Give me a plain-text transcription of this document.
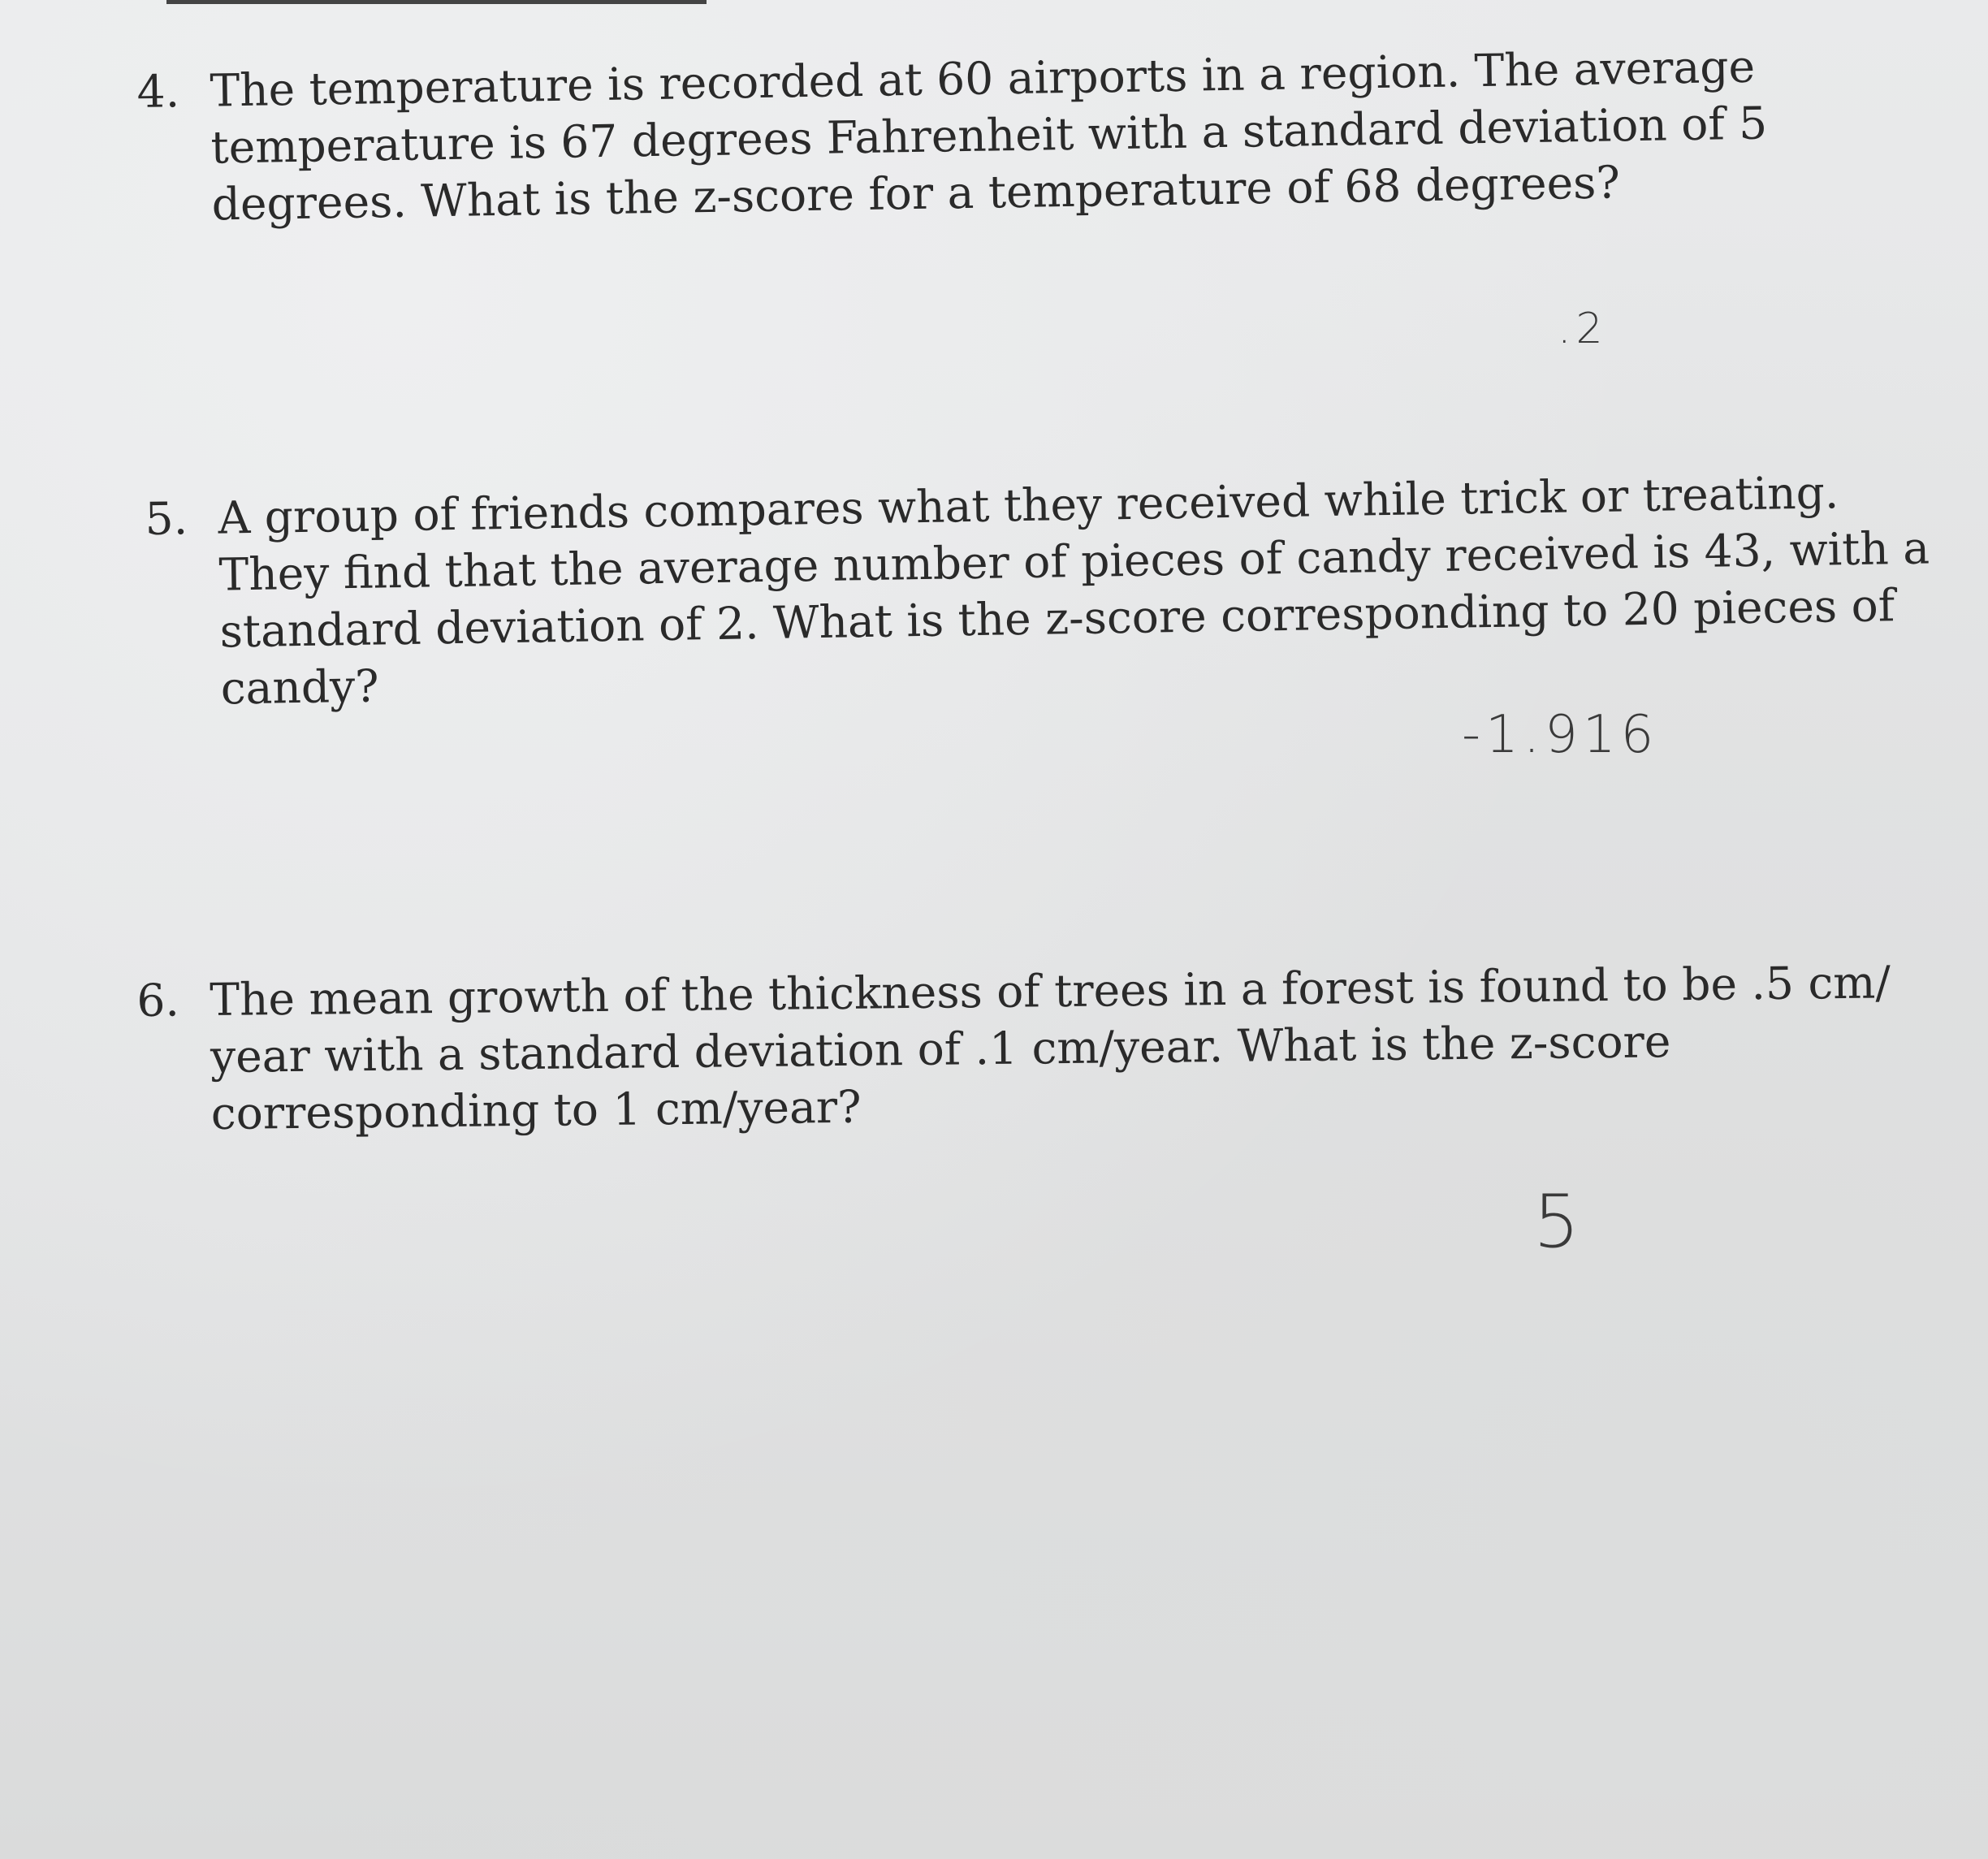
4. The temperature is recorded at 60 airports in a region. The average
temperature is 67 degrees Fahrenheit with a standard deviation of 5
degrees. What is the z-score for a temperature of 68 degrees?
.2
5. A group of friends compares what they received while trick or treating.
They find that the average number of pieces of candy received is 43, with a
standard deviation of 2. What is the z-score corresponding to 20 pieces of
candy?
-1.916
6. The mean growth of the thickness of trees in a forest is found to be .5 cm/
year with a standard deviation of .1 cm/year. What is the z-score
corresponding to 1 cm/year?
5
